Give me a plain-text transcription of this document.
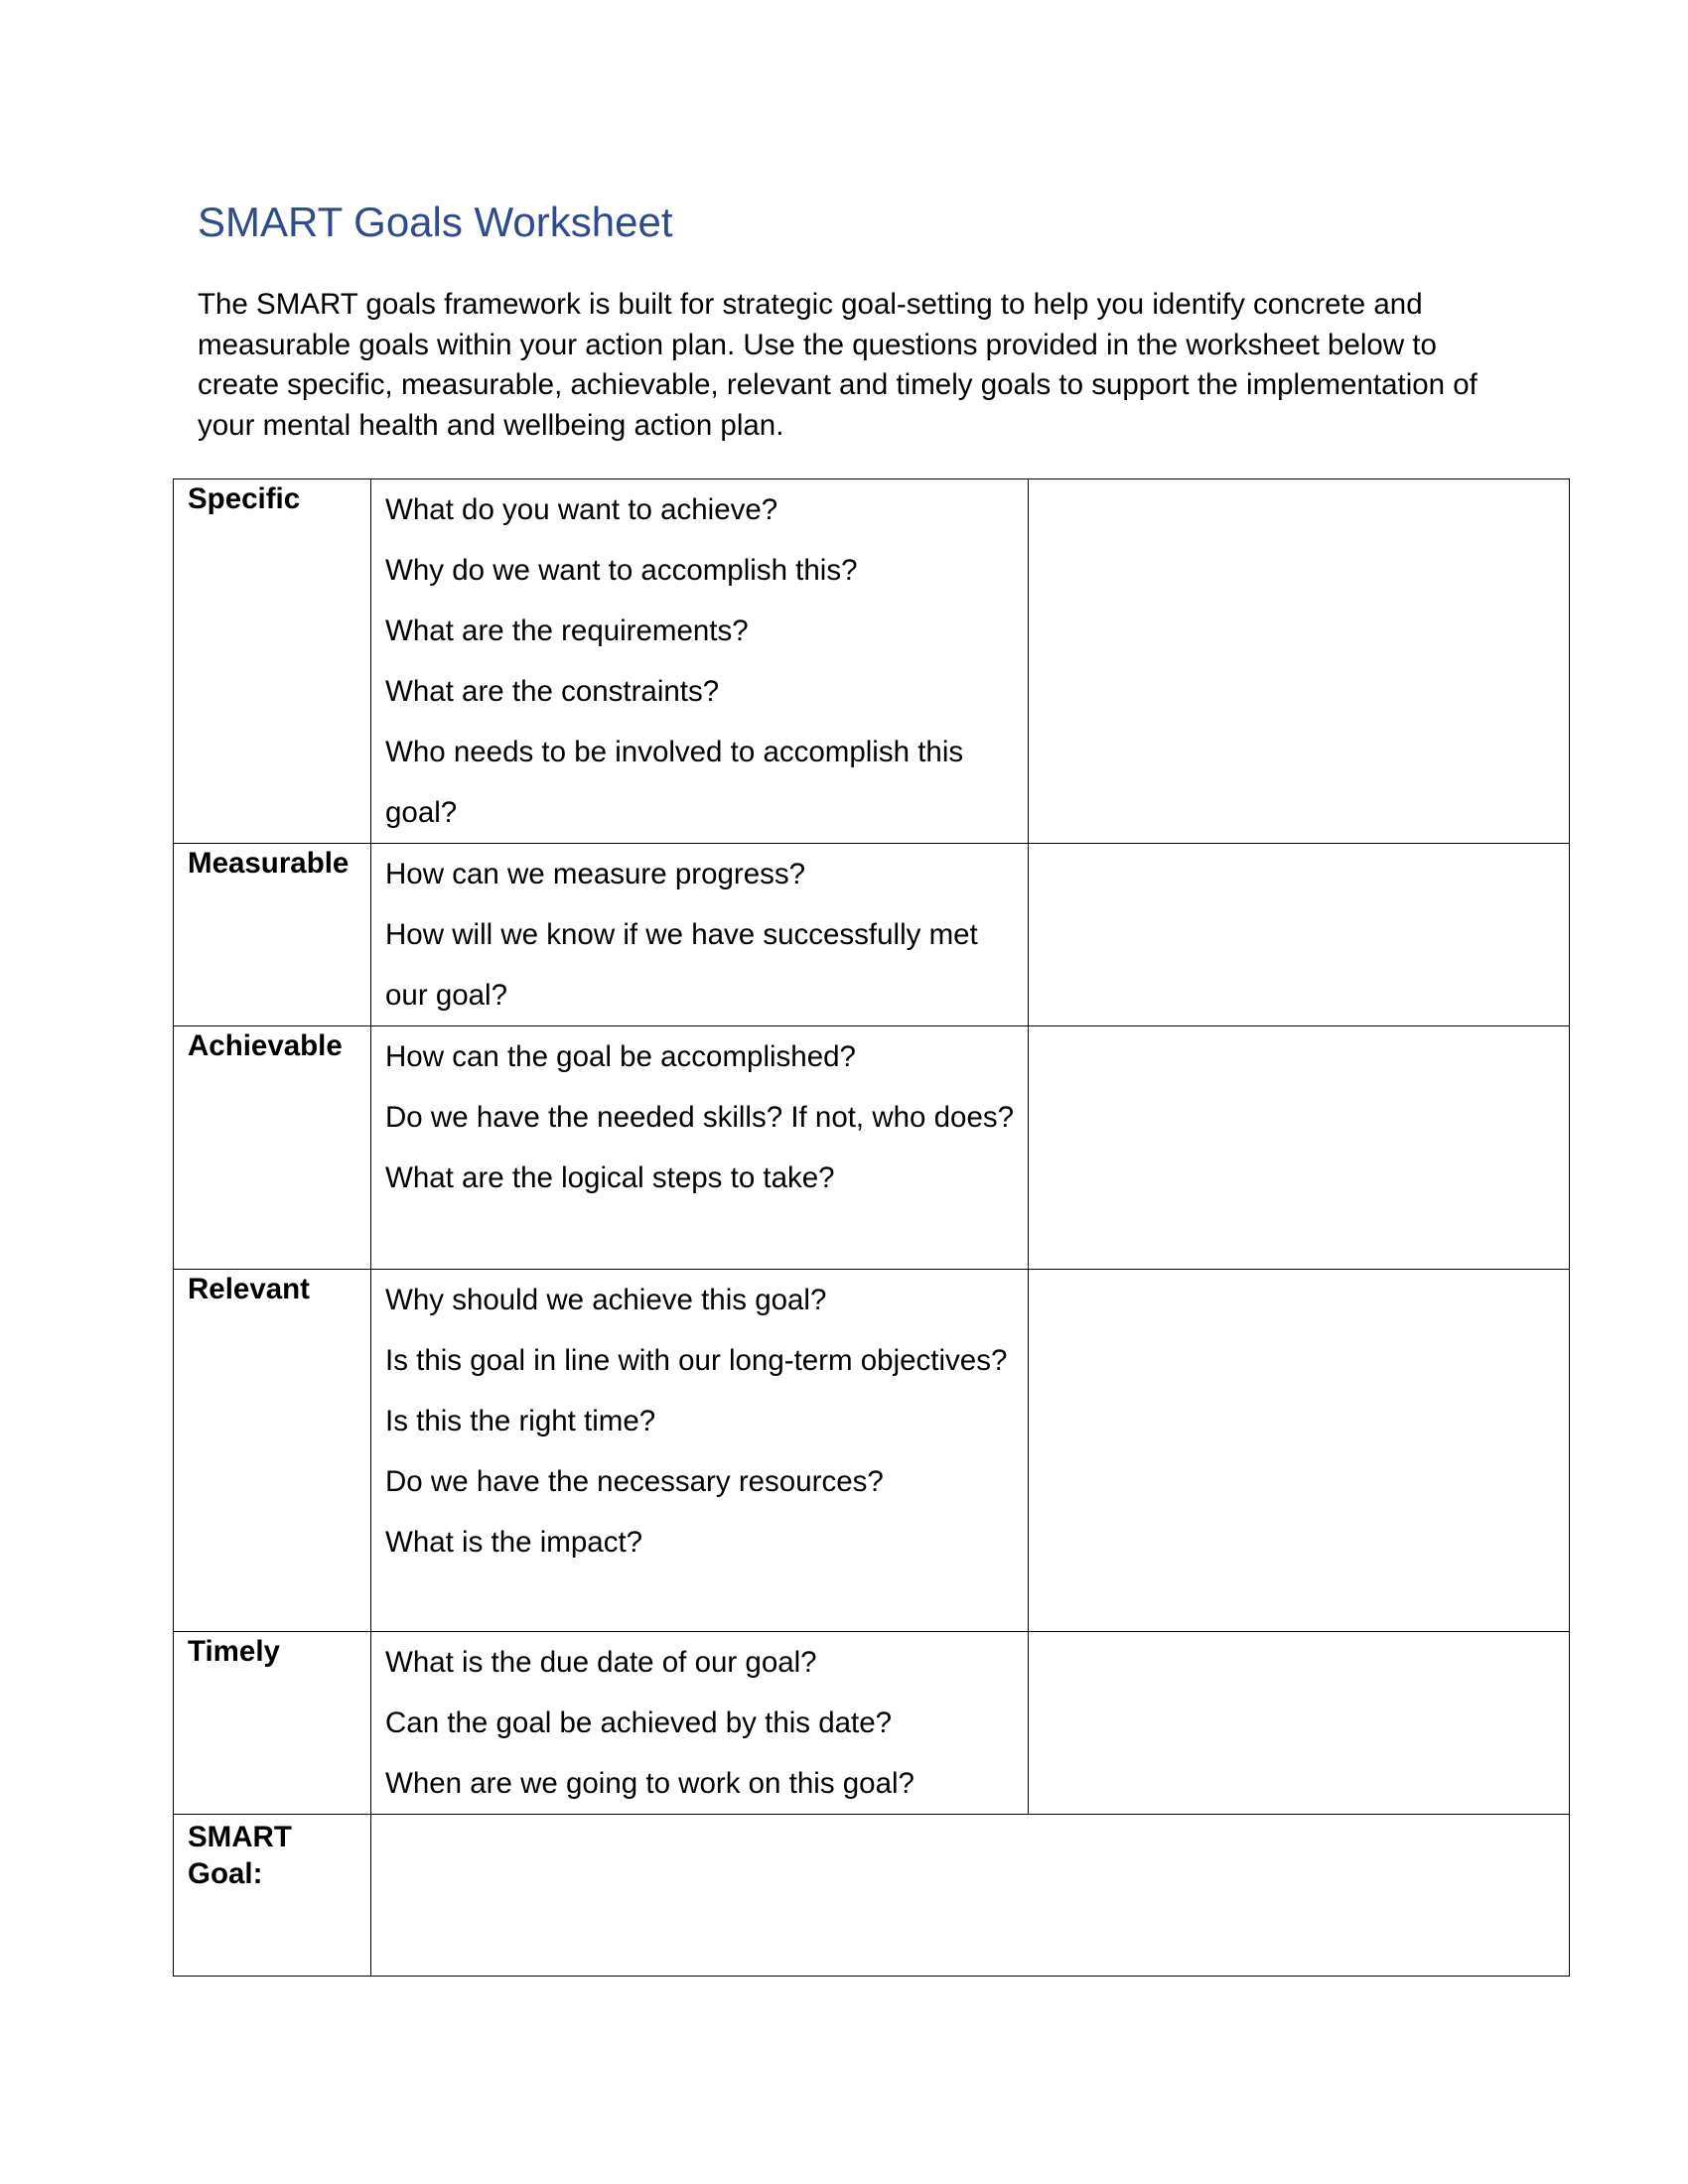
SMART Goals Worksheet

The SMART goals framework is built for strategic goal-setting to help you identify concrete and measurable goals within your action plan. Use the questions provided in the worksheet below to create specific, measurable, achievable, relevant and timely goals to support the implementation of your mental health and wellbeing action plan.

Specific	What do you want to achieve?

Why do we want to accomplish this?

What are the requirements?

What are the constraints?

Who needs to be involved to accomplish this goal?	

Measurable	How can we measure progress?

How will we know if we have successfully met our goal?	

Achievable	How can the goal be accomplished?

Do we have the needed skills? If not, who does?

What are the logical steps to take?	

Relevant	Why should we achieve this goal?

Is this goal in line with our long-term objectives?

Is this the right time?

Do we have the necessary resources?

What is the impact?	

Timely	What is the due date of our goal?

Can the goal be achieved by this date?

When are we going to work on this goal?	

SMART Goal:		
